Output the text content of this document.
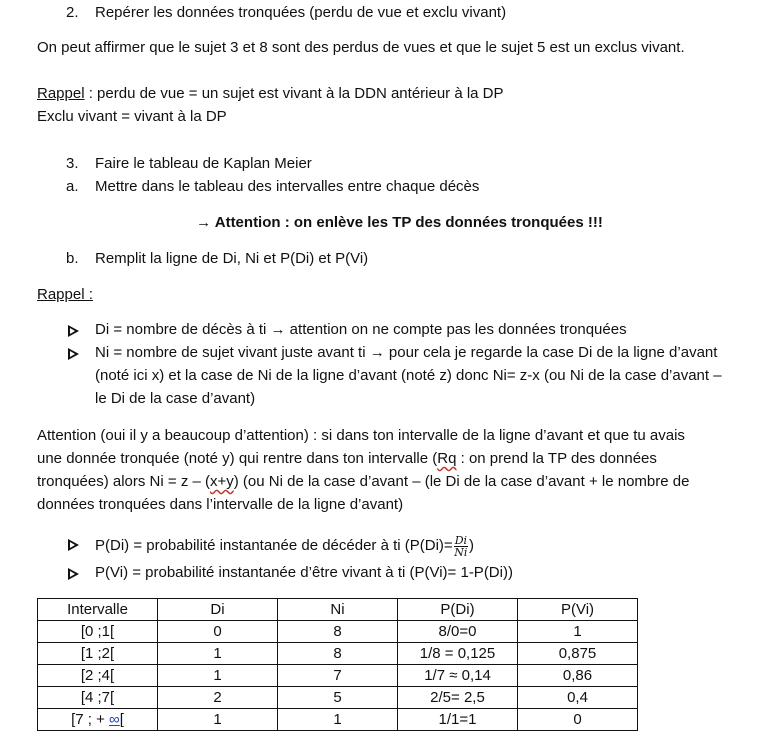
2. Repérer les données tronquées (perdu de vue et exclu vivant)
On peut affirmer que le sujet 3 et 8 sont des perdus de vues et que le sujet 5 est un exclus vivant.
Rappel : perdu de vue = un sujet est vivant à la DDN antérieur à la DP
Exclu vivant = vivant à la DP
3. Faire le tableau de Kaplan Meier
a. Mettre dans le tableau des intervalles entre chaque décès
→ Attention : on enlève les TP des données tronquées !!!
b. Remplit la ligne de Di, Ni et P(Di) et P(Vi)
Rappel :
Di = nombre de décès à ti → attention on ne compte pas les données tronquées
Ni = nombre de sujet vivant juste avant ti → pour cela je regarde la case Di de la ligne d’avant
(noté ici x) et la case de Ni de la ligne d’avant (noté z) donc Ni= z-x (ou Ni de la case d’avant –
le Di de la case d’avant)
Attention (oui il y a beaucoup d’attention) : si dans ton intervalle de la ligne d’avant et que tu avais
une donnée tronquée (noté y) qui rentre dans ton intervalle (Rq : on prend la TP des données
tronquées) alors Ni = z – (x+y) (ou Ni de la case d’avant – (le Di de la case d’avant + le nombre de
données tronquées dans l’intervalle de la ligne d’avant)
P(Di) = probabilité instantanée de décéder à ti ($P(Di)= \frac{Di}{Ni}$ )
P(Vi) = probabilité instantanée d’être vivant à ti (P(Vi)= 1-P(Di))
Intervalle	Di	Ni	P(Di)	P(Vi)
[0 ;1[	0	8	8/0=0	1
[1 ;2[	1	8	1/8 = 0,125	0,875
[2 ;4[	1	7	1/7 ≈ 0,14	0,86
[4 ;7[	2	5	2/5= 2,5	0,4
[7 ; + ∞[	1	1	1/1=1	0
